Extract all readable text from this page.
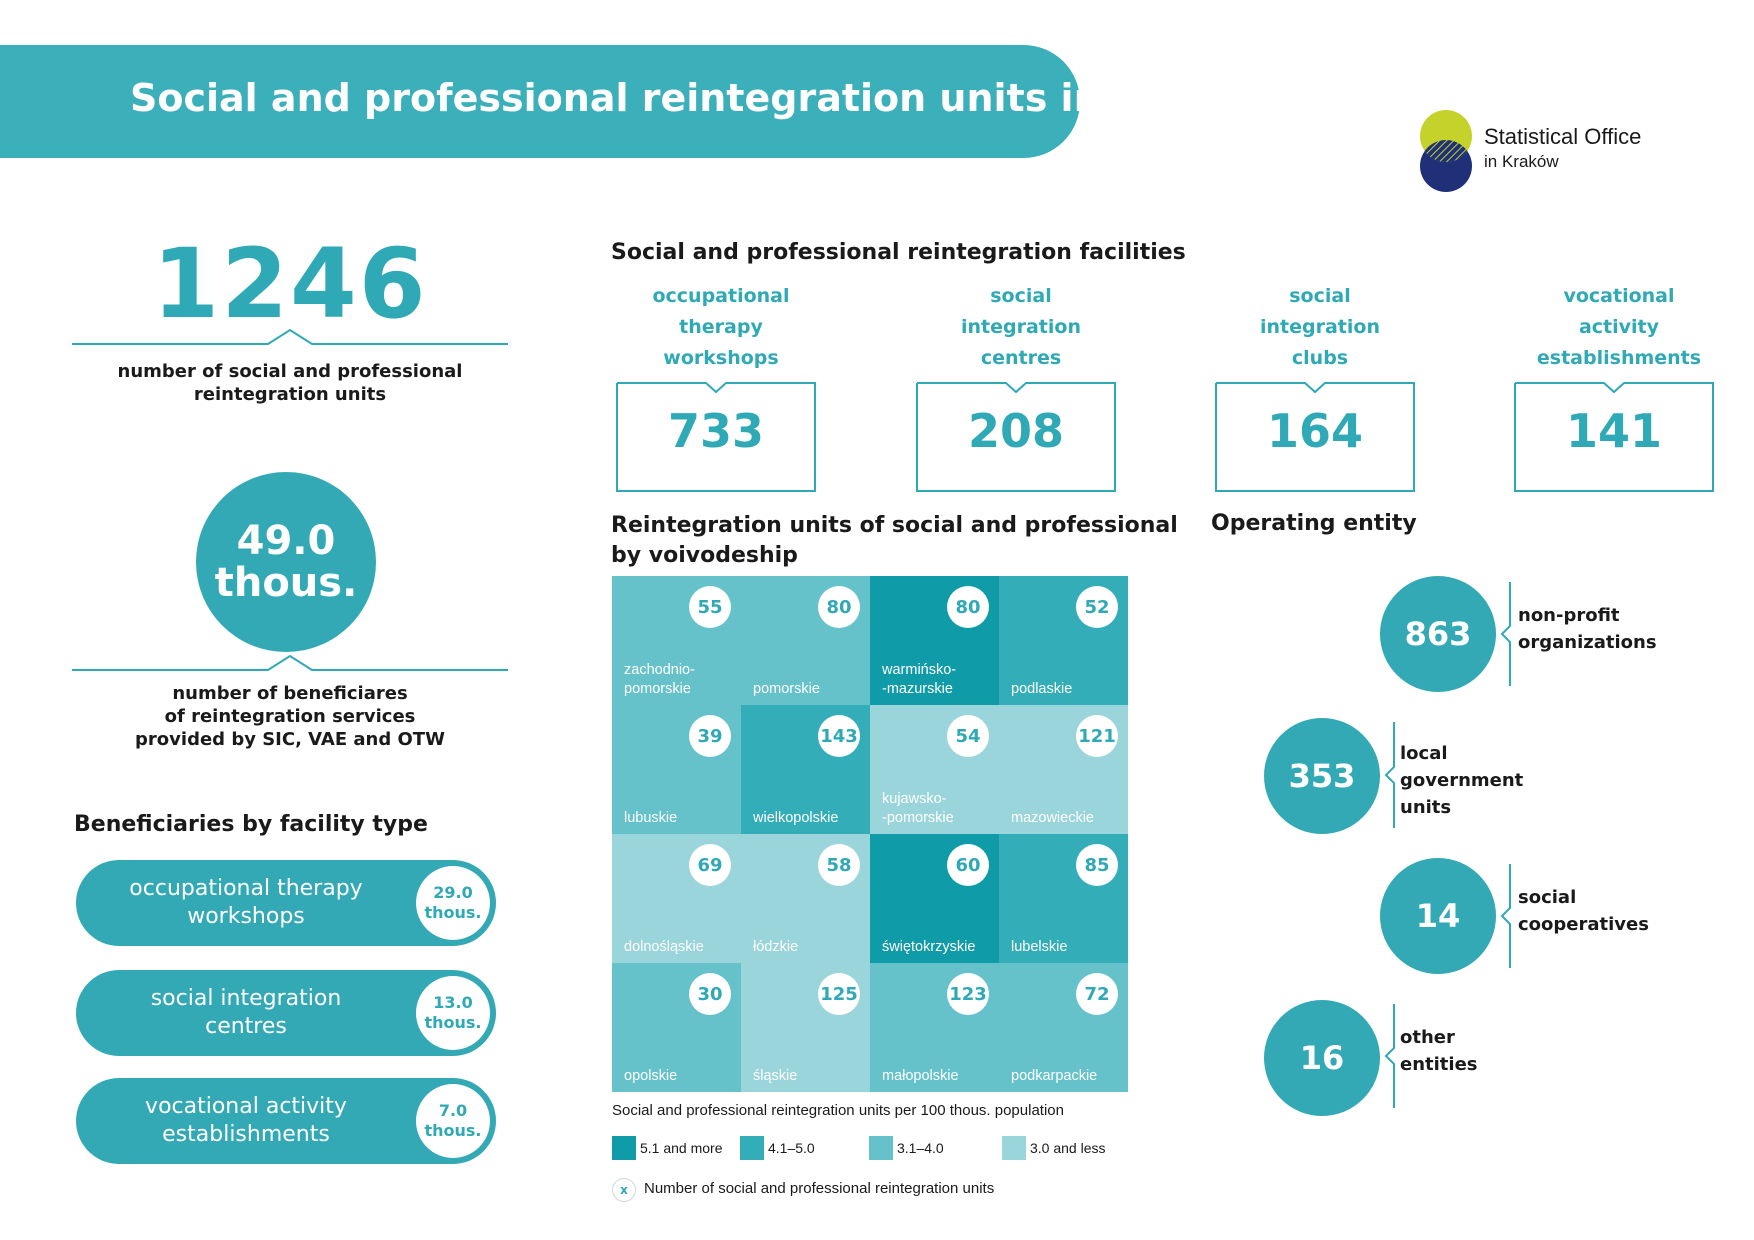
Social and professional reintegration units in 2023
Statistical Office
in Kraków
1246
number of social and professional
reintegration units
49.0
thous.
number of beneficiares
of reintegration services
provided by SIC, VAE and OTW
Beneficiaries by facility type
occupational therapy
workshops
29.0
thous.
social integration
centres
13.0
thous.
vocational activity
establishments
7.0
thous.
Social and professional reintegration facilities
occupational
therapy
workshops
733
social
integration
centres
208
social
integration
clubs
164
vocational
activity
establishments
141
Reintegration units of social and professional
by voivodeship
55
zachodnio-
pomorskie
80
pomorskie
80
warmińsko-
-mazurskie
52
podlaskie
39
lubuskie
143
wielkopolskie
54
kujawsko-
-pomorskie
121
mazowieckie
69
dolnośląskie
58
łódzkie
60
świętokrzyskie
85
lubelskie
30
opolskie
125
śląskie
123
małopolskie
72
podkarpackie
Social and professional reintegration units per 100 thous. population
5.1 and more	4.1–5.0	3.1–4.0	3.0 and less
x	Number of social and professional reintegration units
Operating entity
863	non-profit
organizations
353
local
government
units
14	social
cooperatives
16
other
entities
